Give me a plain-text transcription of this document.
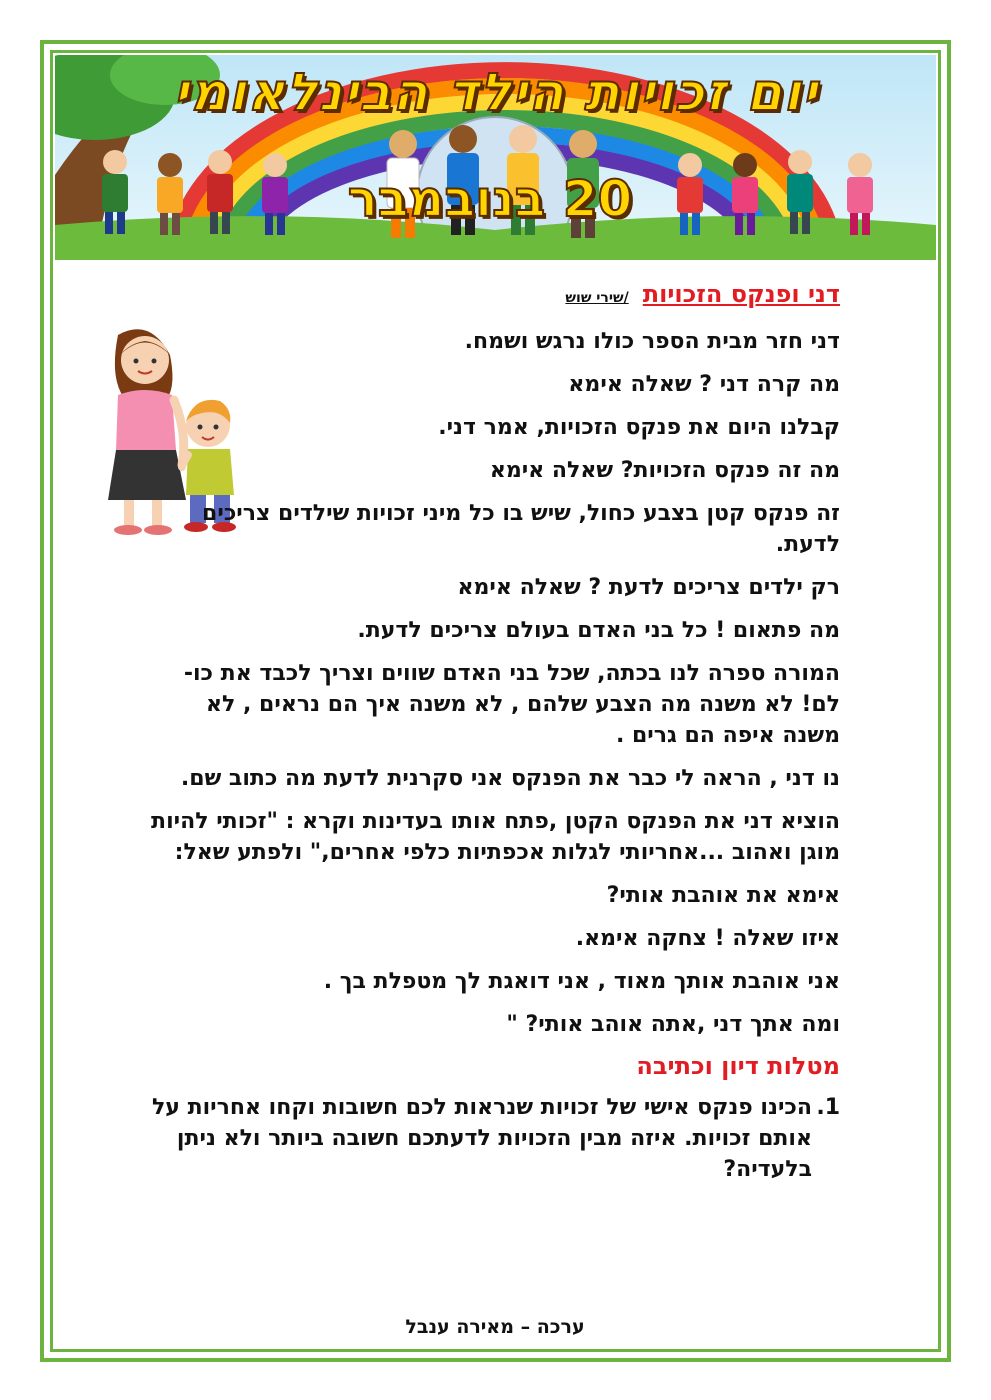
יום זכויות הילד הבינלאומי
20 בנובמבר
דני ופנקס הזכויות/שירי שוש

דני חזר מבית הספר כולו נרגש ושמח.

מה קרה דני ? שאלה אימא

קבלנו היום את פנקס הזכויות, אמר דני.

מה זה פנקס הזכויות? שאלה אימא

זה פנקס קטן בצבע כחול, שיש בו כל מיני זכויות שילדים צריכים לדעת.

רק ילדים צריכים לדעת ? שאלה אימא

מה פתאום ! כל בני האדם בעולם צריכים לדעת.

המורה ספרה לנו בכתה, שכל בני האדם שווים וצריך לכבד את כו- לם! לא משנה מה הצבע שלהם , לא משנה איך הם נראים , לא משנה איפה הם גרים .

נו דני , הראה לי כבר את הפנקס אני סקרנית לדעת מה כתוב שם.

הוציא דני את הפנקס הקטן ,פתח אותו בעדינות וקרא : "זכותי להיות מוגן ואהוב ...אחריותי לגלות אכפתיות כלפי אחרים," ולפתע שאל:

אימא את אוהבת אותי?

איזו שאלה ! צחקה אימא.

אני אוהבת אותך מאוד , אני דואגת לך מטפלת בך .

ומה אתך דני ,אתה אוהב אותי? "

מטלות דיון וכתיבה
1.
הכינו פנקס אישי של זכויות שנראות לכם חשובות וקחו אחריות על אותם זכויות. איזה מבין הזכויות לדעתכם חשובה ביותר ולא ניתן בלעדיה?
ערכה – מאירה ענבל
